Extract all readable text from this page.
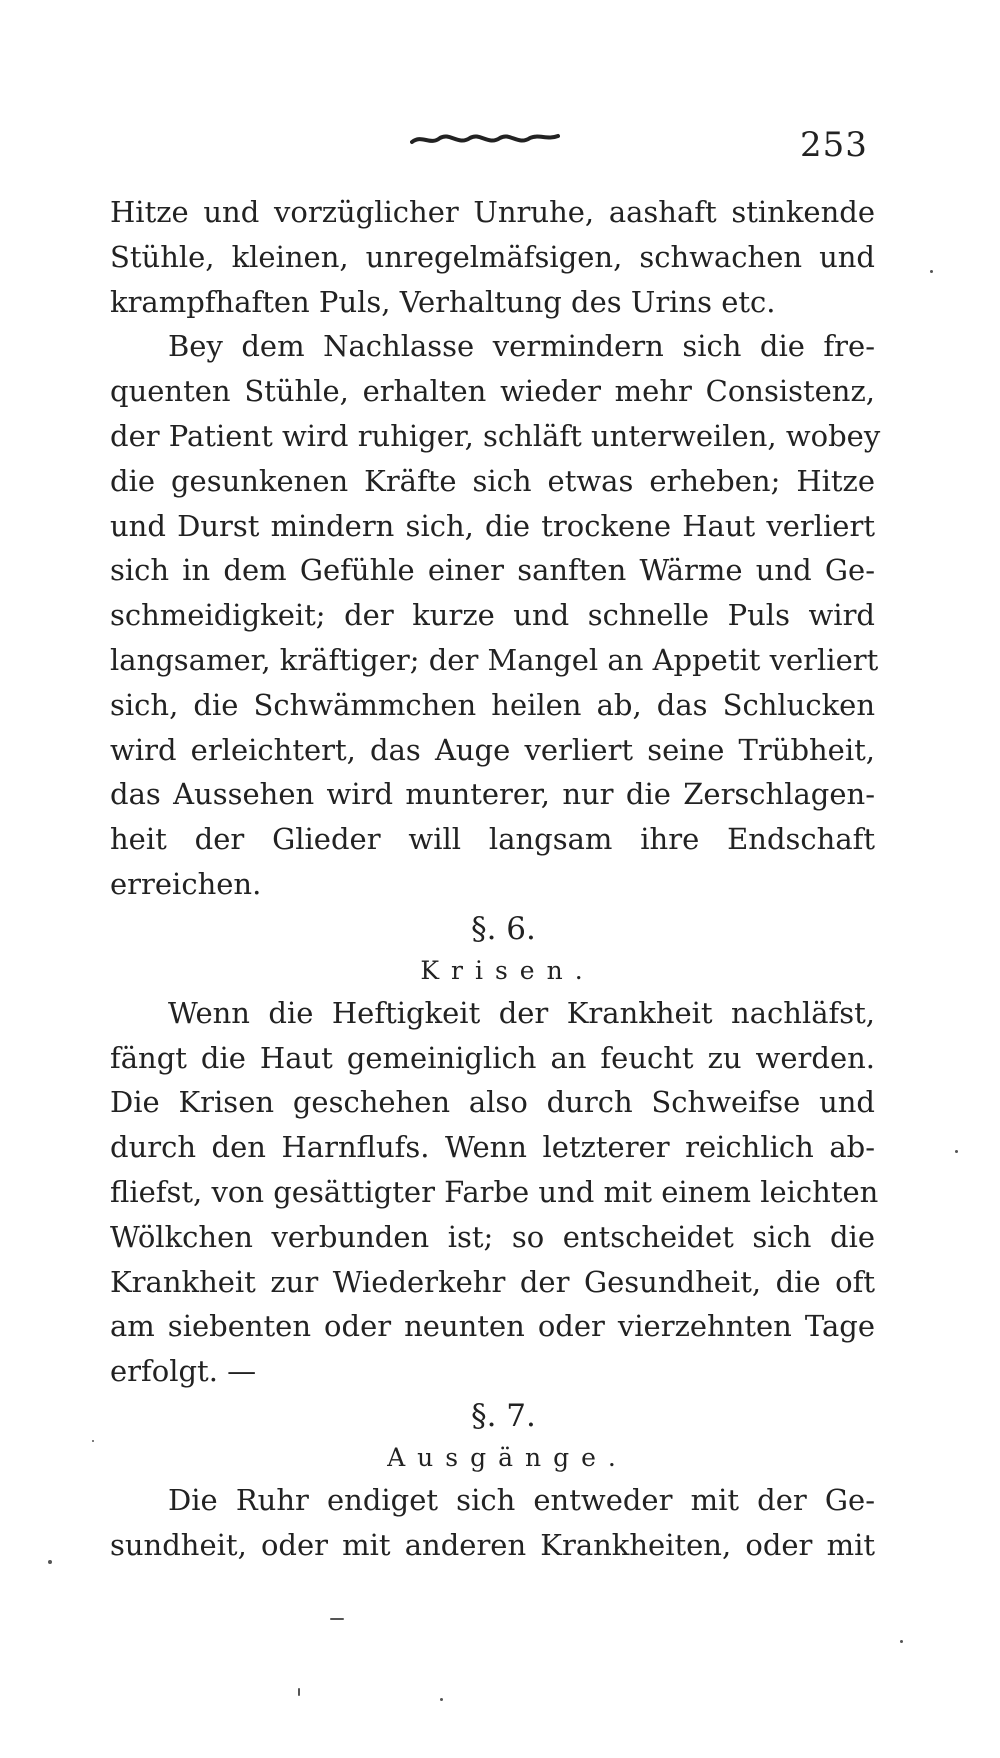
253
Hitze und vorzüglicher Unruhe, aashaft stinkende
Stühle, kleinen, unregelmäfsigen, schwachen und
krampfhaften Puls, Verhaltung des Urins etc.
Bey dem Nachlasse vermindern sich die fre-
quenten Stühle, erhalten wieder mehr Consistenz,
der Patient wird ruhiger, schläft unterweilen, wobey
die gesunkenen Kräfte sich etwas erheben; Hitze
und Durst mindern sich, die trockene Haut verliert
sich in dem Gefühle einer sanften Wärme und Ge-
schmeidigkeit; der kurze und schnelle Puls wird
langsamer, kräftiger; der Mangel an Appetit verliert
sich, die Schwämmchen heilen ab, das Schlucken
wird erleichtert, das Auge verliert seine Trübheit,
das Aussehen wird munterer, nur die Zerschlagen-
heit der Glieder will langsam ihre Endschaft
erreichen.
§. 6.
Krisen.
Wenn die Heftigkeit der Krankheit nachläfst,
fängt die Haut gemeiniglich an feucht zu werden.
Die Krisen geschehen also durch Schweifse und
durch den Harnflufs. Wenn letzterer reichlich ab-
fliefst, von gesättigter Farbe und mit einem leichten
Wölkchen verbunden ist; so entscheidet sich die
Krankheit zur Wiederkehr der Gesundheit, die oft
am siebenten oder neunten oder vierzehnten Tage
erfolgt. —
§. 7.
Ausgänge.
Die Ruhr endiget sich entweder mit der Ge-
sundheit, oder mit anderen Krankheiten, oder mit
